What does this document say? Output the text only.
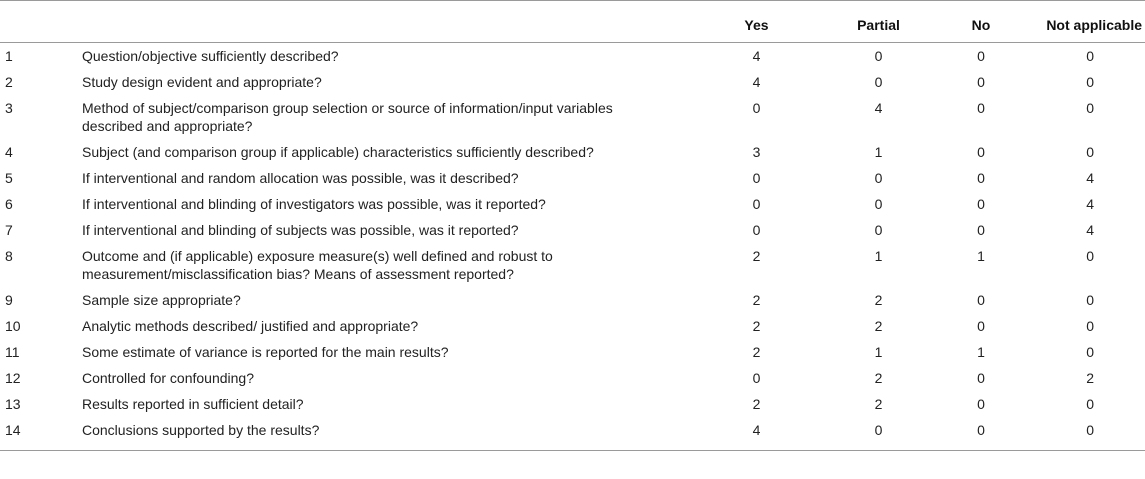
		Yes	Partial	No	Not applicable
1	Question/objective sufficiently described?	4	0	0	0
2	Study design evident and appropriate?	4	0	0	0
3	Method of subject/comparison group selection or source of information/input variables described and appropriate?	0	4	0	0
4	Subject (and comparison group if applicable) characteristics sufficiently described?	3	1	0	0
5	If interventional and random allocation was possible, was it described?	0	0	0	4
6	If interventional and blinding of investigators was possible, was it reported?	0	0	0	4
7	If interventional and blinding of subjects was possible, was it reported?	0	0	0	4
8	Outcome and (if applicable) exposure measure(s) well defined and robust to measurement/misclassification bias? Means of assessment reported?	2	1	1	0
9	Sample size appropriate?	2	2	0	0
10	Analytic methods described/ justified and appropriate?	2	2	0	0
11	Some estimate of variance is reported for the main results?	2	1	1	0
12	Controlled for confounding?	0	2	0	2
13	Results reported in sufficient detail?	2	2	0	0
14	Conclusions supported by the results?	4	0	0	0
